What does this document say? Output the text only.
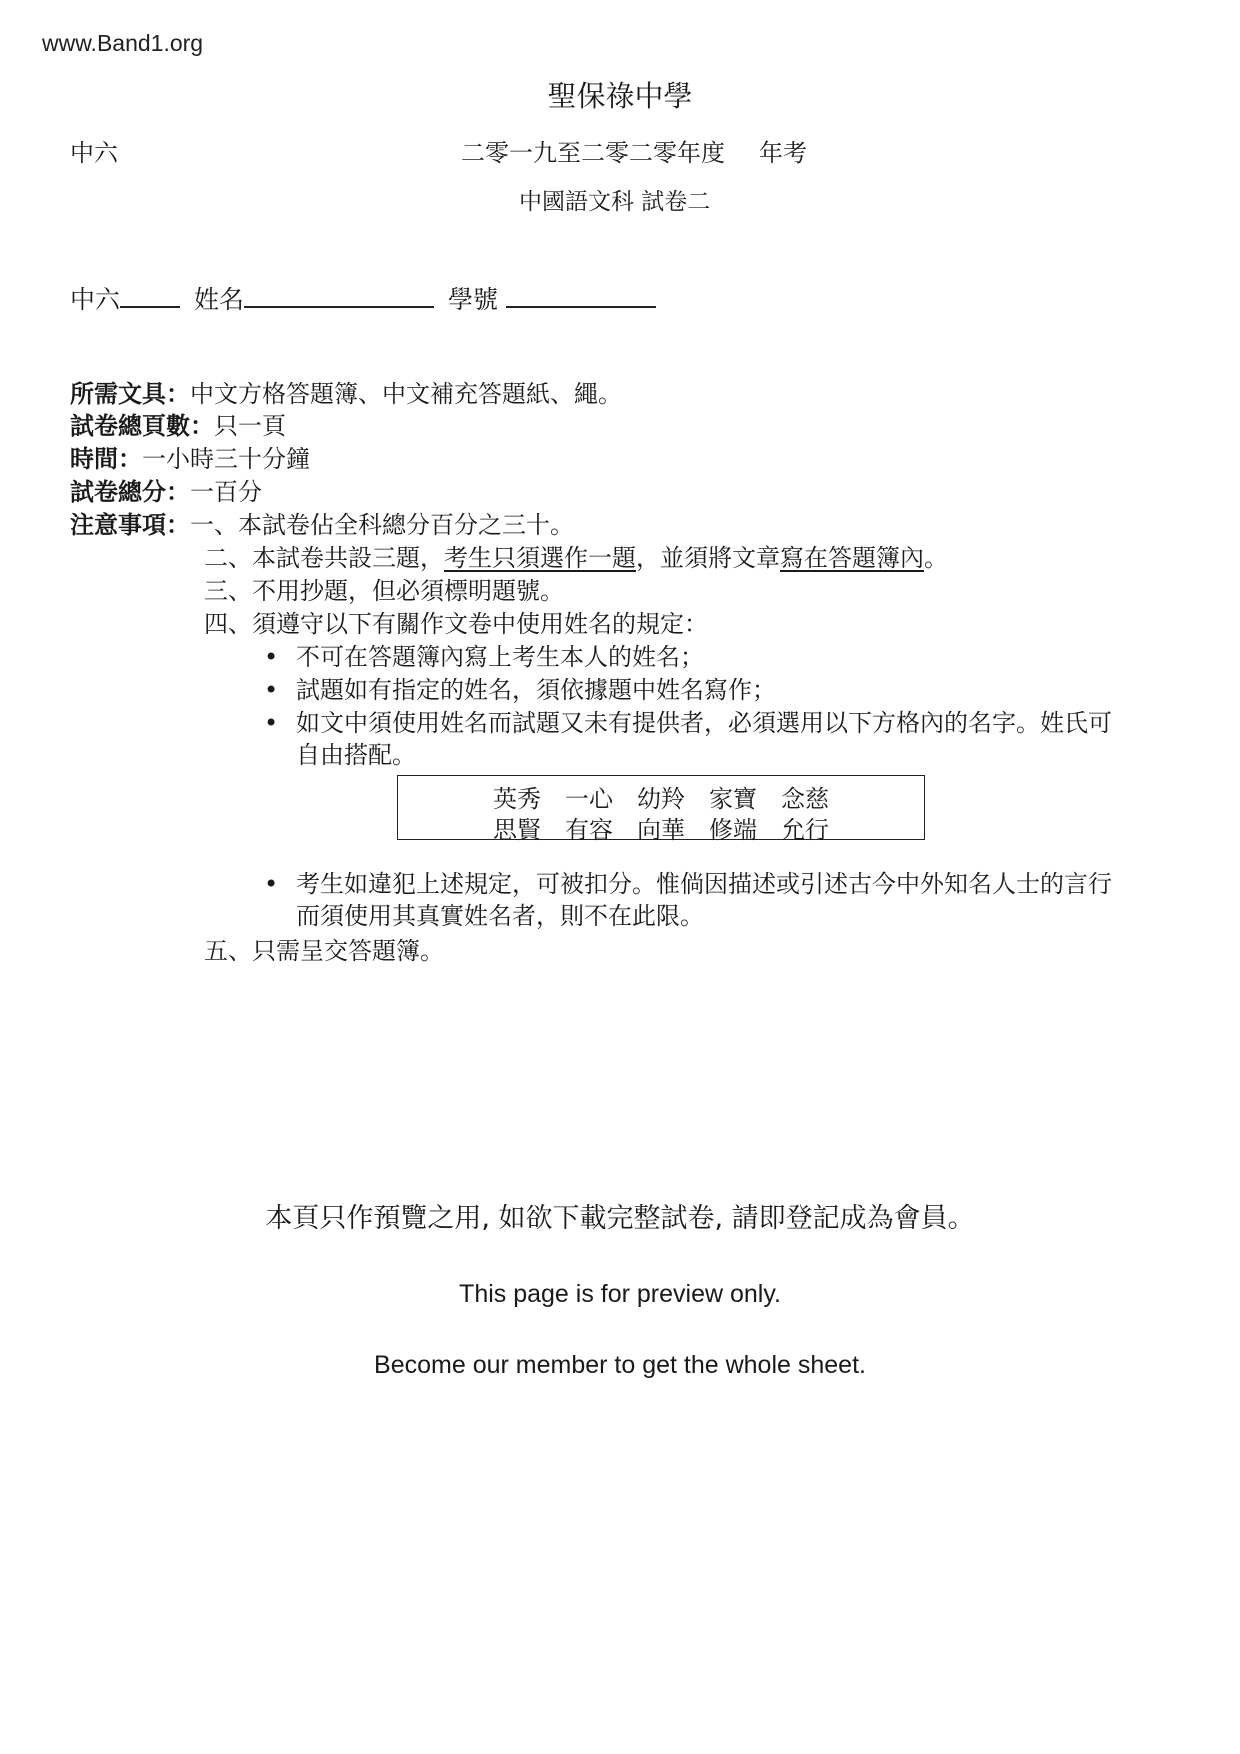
www.Band1.org
聖保祿中學
中六	二零一九至二零二零年度 年考
中國語文科 試卷二
中六	姓名	學號
所需文具：中文方格答題簿、中文補充答題紙、繩。
試卷總頁數：只一頁
時間：一小時三十分鐘
試卷總分：一百分
注意事項：一、本試卷佔全科總分百分之三十。
二、本試卷共設三題，考生只須選作一題，並須將文章寫在答題簿內。
三、不用抄題，但必須標明題號。
四、須遵守以下有關作文卷中使用姓名的規定：
• 不可在答題簿內寫上考生本人的姓名；
• 試題如有指定的姓名，須依據題中姓名寫作；
• 如文中須使用姓名而試題又未有提供者，必須選用以下方格內的名字。姓氏可
自由搭配。
英秀	一心	幼羚	家寶	念慈
思賢	有容	向華	修端	允行
• 考生如違犯上述規定，可被扣分。惟倘因描述或引述古今中外知名人士的言行
而須使用其真實姓名者，則不在此限。
五、只需呈交答題簿。
本頁只作預覽之用, 如欲下載完整試卷, 請即登記成為會員。
This page is for preview only.
Become our member to get the whole sheet.
